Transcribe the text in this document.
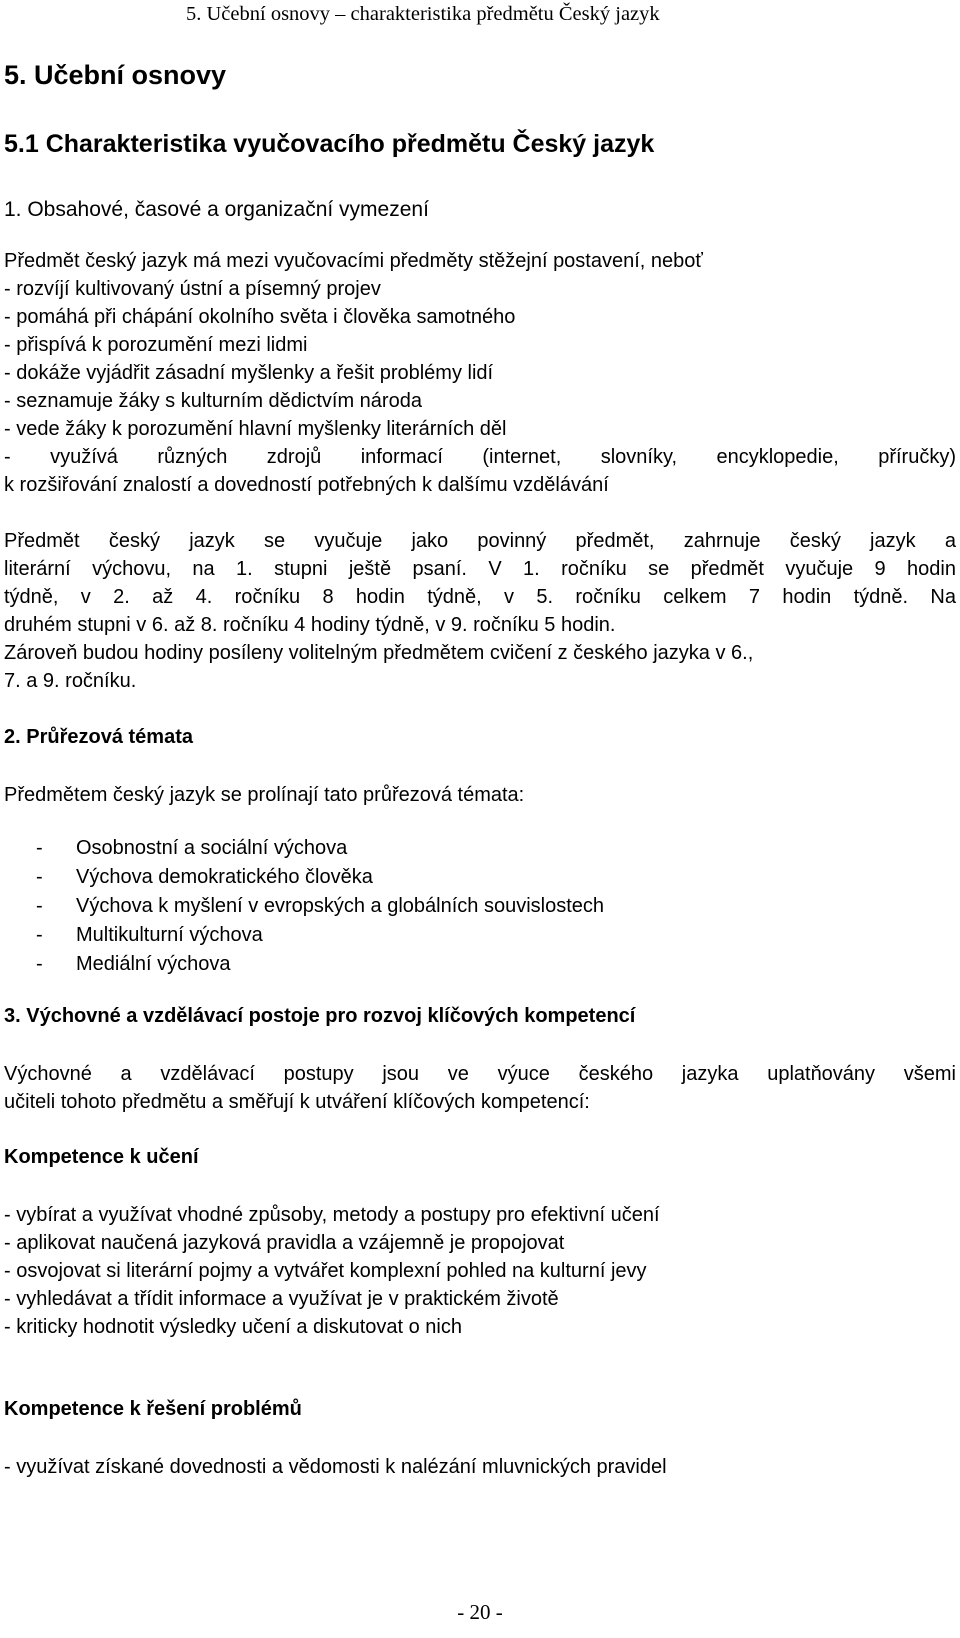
5. Učební osnovy – charakteristika předmětu Český jazyk
5. Učební osnovy
5.1 Charakteristika vyučovacího předmětu Český jazyk
1. Obsahové, časové a organizační vymezení
Předmět český jazyk má mezi vyučovacími předměty stěžejní postavení, neboť
- rozvíjí kultivovaný ústní a písemný projev
- pomáhá při chápání okolního světa i člověka samotného
- přispívá k porozumění mezi lidmi
- dokáže vyjádřit zásadní myšlenky a řešit problémy lidí
- seznamuje žáky s kulturním dědictvím národa
- vede žáky k porozumění hlavní myšlenky literárních děl
- využívá různých zdrojů informací (internet, slovníky, encyklopedie, příručky)
k rozšiřování znalostí a dovedností potřebných k dalšímu vzdělávání
Předmět český jazyk se vyučuje jako povinný předmět, zahrnuje český jazyk a
literární výchovu, na 1. stupni ještě psaní. V 1. ročníku se předmět vyučuje 9 hodin
týdně, v 2. až 4. ročníku 8 hodin týdně, v 5. ročníku celkem 7 hodin týdně. Na
druhém stupni v 6. až 8. ročníku 4 hodiny týdně, v 9. ročníku 5 hodin.
Zároveň budou hodiny posíleny volitelným předmětem cvičení z českého jazyka v 6.,
7. a 9. ročníku.
2. Průřezová témata
Předmětem český jazyk se prolínají tato průřezová témata:
- Osobnostní a sociální výchova
- Výchova demokratického člověka
- Výchova k myšlení v evropských a globálních souvislostech
- Multikulturní výchova
- Mediální výchova
3. Výchovné a vzdělávací postoje pro rozvoj klíčových kompetencí
Výchovné a vzdělávací postupy jsou ve výuce českého jazyka uplatňovány všemi
učiteli tohoto předmětu a směřují k utváření klíčových kompetencí:
Kompetence k učení
- vybírat a využívat vhodné způsoby, metody a postupy pro efektivní učení
- aplikovat naučená jazyková pravidla a vzájemně je propojovat
- osvojovat si literární pojmy a vytvářet komplexní pohled na kulturní jevy
- vyhledávat a třídit informace a využívat je v praktickém životě
- kriticky hodnotit výsledky učení a diskutovat o nich
Kompetence k řešení problémů
- využívat získané dovednosti a vědomosti k nalézání mluvnických pravidel
- 20 -
